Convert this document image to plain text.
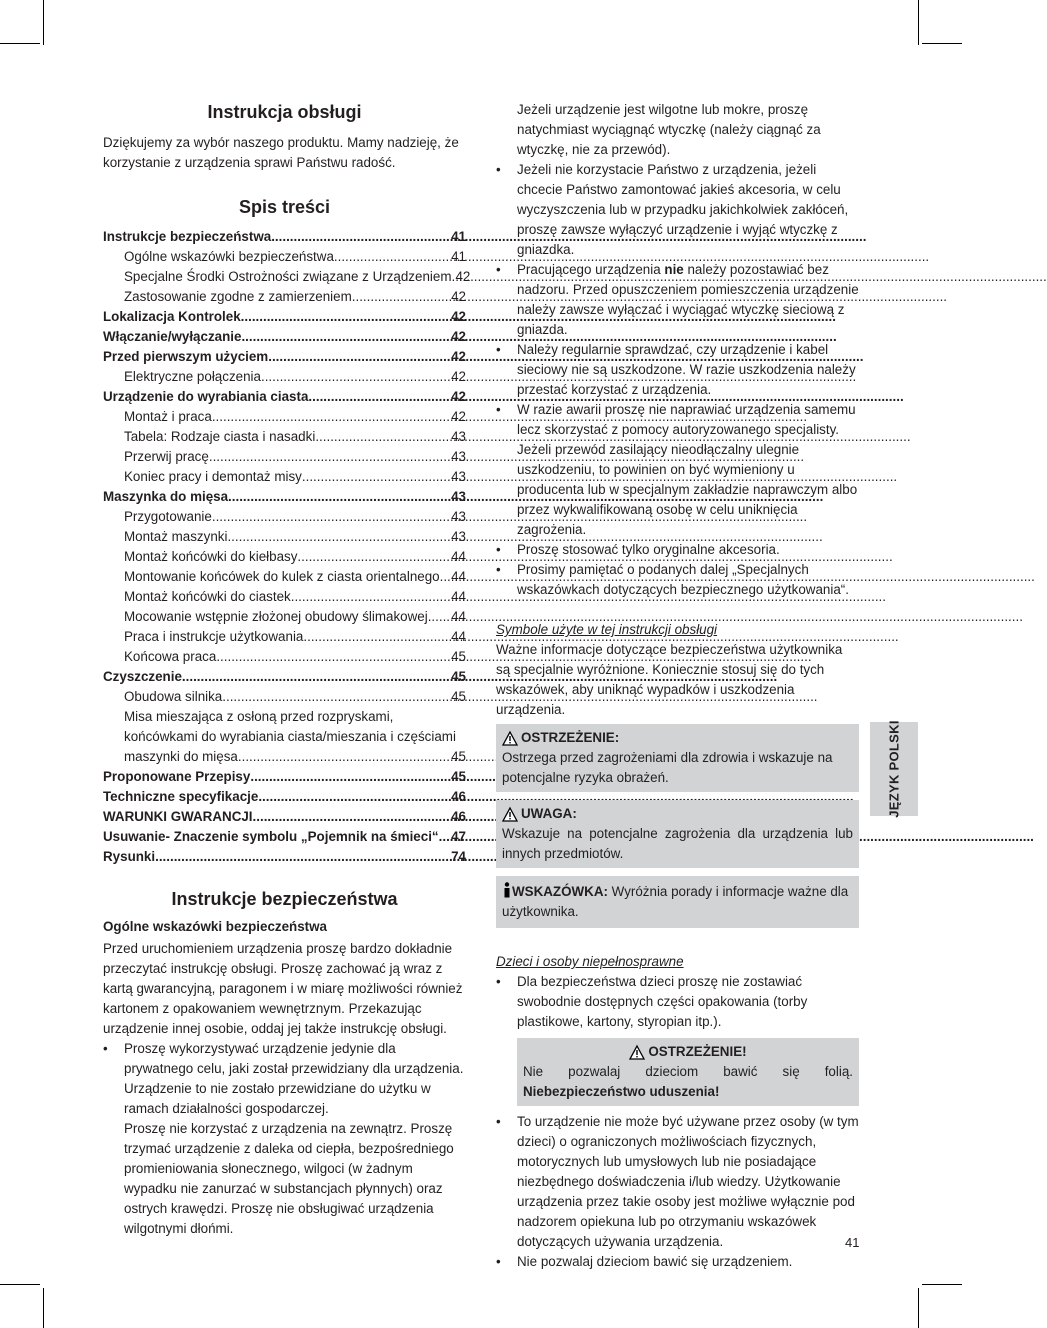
Instrukcja obsługi

Dziękujemy za wybór naszego produktu. Mamy nadzieję, że korzystanie z urządzenia sprawi Państwu radość.

Spis treści
Instrukcje bezpieczeństwa .....	41
Ogólne wskazówki bezpieczeństwa .....	41
Specjalne Środki Ostrożności związane z Urządzeniem ..... 42
Zastosowanie zgodne z zamierzeniem .....	42
Lokalizacja Kontrolek .....	42
Włączanie/wyłączanie .....	42
Przed pierwszym użyciem .....	42
Elektryczne połączenia .....	42
Urządzenie do wyrabiania ciasta .....	42
Montaż i praca .....	42
Tabela: Rodzaje ciasta i nasadki .....	43
Przerwij pracę .....	43
Koniec pracy i demontaż misy .....	43
Maszynka do mięsa .....	43
Przygotowanie .....	43
Montaż maszynki .....	43
Montaż końcówki do kiełbasy .....	44
Montowanie końcówek do kulek z ciasta orientalnego ..... 44
Montaż końcówki do ciastek .....	44
Mocowanie wstępnie złożonej obudowy ślimakowej ..... 44
Praca i instrukcje użytkowania .....	44
Końcowa praca .....	45
Czyszczenie .....	45
Obudowa silnika .....	45
Misa mieszająca z osłoną przed rozpryskami,
końcówkami do wyrabiania ciasta/mieszania i częściami
maszynki do mięsa .....	45
Proponowane Przepisy .....	45
Techniczne specyfikacje .....	46
WARUNKI GWARANCJI .....	46
Usuwanie- Znaczenie symbolu „Pojemnik na śmieci“ ..... 47
Rysunki .....	74
Instrukcje bezpieczeństwa
Ogólne wskazówki bezpieczeństwa

Przed uruchomieniem urządzenia proszę bardzo dokładnie przeczytać instrukcję obsługi. Proszę zachować ją wraz z kartą gwarancyjną, paragonem i w miarę możliwości również kartonem z opakowaniem wewnętrznym. Przekazując urządzenie innej osobie, oddaj jej także instrukcję obsługi.

• Proszę wykorzystywać urządzenie jedynie dla prywatnego celu, jaki został przewidziany dla urządzenia. Urządzenie to nie zostało przewidziane do użytku w ramach działalności gospodarczej.
Proszę nie korzystać z urządzenia na zewnątrz. Proszę trzymać urządzenie z daleka od ciepła, bezpośredniego promieniowania słonecznego, wilgoci (w żadnym wypadku nie zanurzać w substancjach płynnych) oraz ostrych krawędzi. Proszę nie obsługiwać urządzenia wilgotnymi dłońmi.
Jeżeli urządzenie jest wilgotne lub mokre, proszę natychmiast wyciągnąć wtyczkę (należy ciągnąć za wtyczkę, nie za przewód).
• Jeżeli nie korzystacie Państwo z urządzenia, jeżeli chcecie Państwo zamontować jakieś akcesoria, w celu wyczyszczenia lub w przypadku jakichkolwiek zakłóceń, proszę zawsze wyłączyć urządzenie i wyjąć wtyczkę z gniazdka.
• Pracującego urządzenia nie należy pozostawiać bez nadzoru. Przed opuszczeniem pomieszczenia urządzenie należy zawsze wyłączać i wyciągać wtyczkę sieciową z gniazda.
• Należy regularnie sprawdzać, czy urządzenie i kabel sieciowy nie są uszkodzone. W razie uszkodzenia należy przestać korzystać z urządzenia.
• W razie awarii proszę nie naprawiać urządzenia samemu lecz skorzystać z pomocy autoryzowanego specjalisty. Jeżeli przewód zasilający nieodłączalny ulegnie uszkodzeniu, to powinien on być wymieniony u producenta lub w specjalnym zakładzie naprawczym albo przez wykwalifikowaną osobę w celu uniknięcia zagrożenia.
• Proszę stosować tylko oryginalne akcesoria.
• Prosimy pamiętać o podanych dalej „Specjalnych wskazówkach dotyczących bezpiecznego użytkowania“.
Symbole użyte w tej instrukcji obsługi

Ważne informacje dotyczące bezpieczeństwa użytkownika są specjalnie wyróżnione. Koniecznie stosuj się do tych wskazówek, aby uniknąć wypadków i uszkodzenia urządzenia.

OSTRZEŻENIE:
Ostrzega przed zagrożeniami dla zdrowia i wskazuje na potencjalne ryzyka obrażeń.
UWAGA:
Wskazuje na potencjalne zagrożenia dla urządzenia lub innych przedmiotów.
WSKAZÓWKA: Wyróżnia porady i informacje ważne dla użytkownika.
Dzieci i osoby niepełnosprawne
• Dla bezpieczeństwa dzieci proszę nie zostawiać swobodnie dostępnych części opakowania (torby plastikowe, kartony, styropian itp.).
OSTRZEŻENIE!
Nie pozwalaj dzieciom bawić się folią. Niebezpieczeństwo uduszenia!
• To urządzenie nie może być używane przez osoby (w tym dzieci) o ograniczonych możliwościach fizycznych, motorycznych lub umysłowych lub nie posiadające niezbędnego doświadczenia i/lub wiedzy. Użytkowanie urządzenia przez takie osoby jest możliwe wyłącznie pod nadzorem opiekuna lub po otrzymaniu wskazówek dotyczących używania urządzenia.
• Nie pozwalaj dzieciom bawić się urządzeniem.
JĘZYK POLSKI
41
